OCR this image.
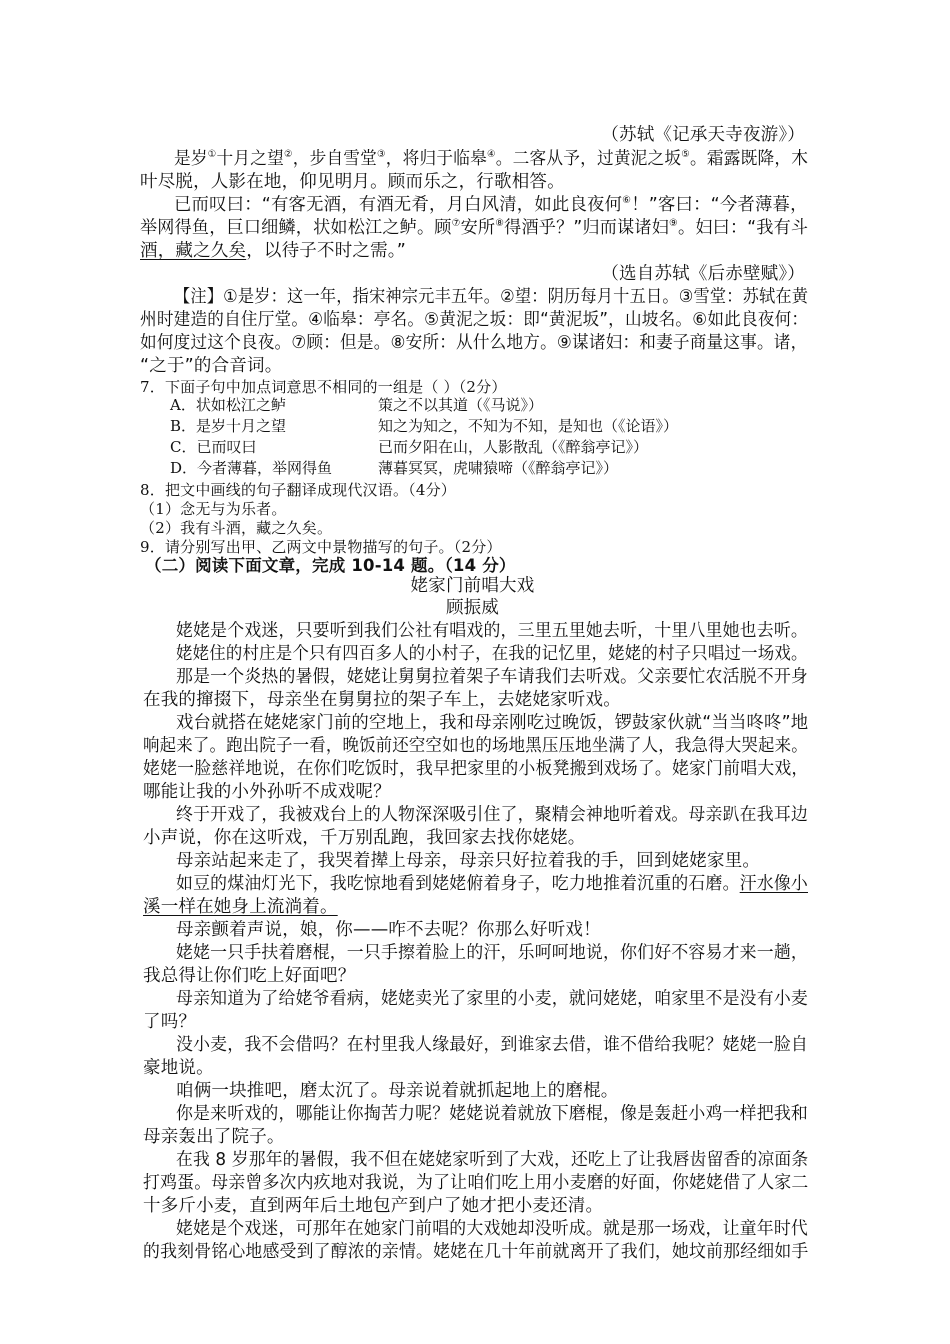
（苏轼《记承天寺夜游》）
是岁①十月之望②，步自雪堂③，将归于临皋④。二客从予，过黄泥之坂⑤。霜露既降，木
叶尽脱，人影在地，仰见明月。顾而乐之，行歌相答。
已而叹曰：“有客无酒，有酒无肴，月白风清，如此良夜何⑥！”客曰：“今者薄暮，
举网得鱼，巨口细鳞，状如松江之鲈。顾⑦安所⑧得酒乎？”归而谋诸妇⑨。妇曰：“我有斗
酒，藏之久矣，以待子不时之需。”
（选自苏轼《后赤壁赋》）
【注】①是岁：这一年，指宋神宗元丰五年。②望：阴历每月十五日。③雪堂：苏轼在黄
州时建造的自住厅堂。④临皋：亭名。⑤黄泥之坂：即“黄泥坂”，山坡名。⑥如此良夜何：
如何度过这个良夜。⑦顾：但是。⑧安所：从什么地方。⑨谋诸妇：和妻子商量这事。诸，
“之于”的合音词。
7．下面子句中加点词意思不相同的一组是（ ）（2分）
A．状如松江之鲈	策之不以其道（《马说》）
B．是岁十月之望	知之为知之，不知为不知，是知也（《论语》）
C．已而叹曰	已而夕阳在山，人影散乱（《醉翁亭记》）
D．今者薄暮，举网得鱼	薄暮冥冥，虎啸猿啼（《醉翁亭记》）
8．把文中画线的句子翻译成现代汉语。（4分）
（1）念无与为乐者。
（2）我有斗酒，藏之久矣。
9．请分别写出甲、乙两文中景物描写的句子。（2分）
（二）阅读下面文章，完成 10-14 题。（14 分）
姥家门前唱大戏
顾振威
姥姥是个戏迷，只要听到我们公社有唱戏的，三里五里她去听，十里八里她也去听。
姥姥住的村庄是个只有四百多人的小村子，在我的记忆里，姥姥的村子只唱过一场戏。
那是一个炎热的暑假，姥姥让舅舅拉着架子车请我们去听戏。父亲要忙农活脱不开身
在我的撺掇下，母亲坐在舅舅拉的架子车上，去姥姥家听戏。
戏台就搭在姥姥家门前的空地上，我和母亲刚吃过晚饭，锣鼓家伙就“当当咚咚”地
响起来了。跑出院子一看，晚饭前还空空如也的场地黑压压地坐满了人，我急得大哭起来。
姥姥一脸慈祥地说，在你们吃饭时，我早把家里的小板凳搬到戏场了。姥家门前唱大戏，
哪能让我的小外孙听不成戏呢？
终于开戏了，我被戏台上的人物深深吸引住了，聚精会神地听着戏。母亲趴在我耳边
小声说，你在这听戏，千万别乱跑，我回家去找你姥姥。
母亲站起来走了，我哭着撵上母亲，母亲只好拉着我的手，回到姥姥家里。
如豆的煤油灯光下，我吃惊地看到姥姥俯着身子，吃力地推着沉重的石磨。汗水像小
溪一样在她身上流淌着。
母亲颤着声说，娘，你——咋不去呢？你那么好听戏！
姥姥一只手扶着磨棍，一只手擦着脸上的汗，乐呵呵地说，你们好不容易才来一趟，
我总得让你们吃上好面吧？
母亲知道为了给姥爷看病，姥姥卖光了家里的小麦，就问姥姥，咱家里不是没有小麦
了吗？
没小麦，我不会借吗？在村里我人缘最好，到谁家去借，谁不借给我呢？姥姥一脸自
豪地说。
咱俩一块推吧，磨太沉了。母亲说着就抓起地上的磨棍。
你是来听戏的，哪能让你掏苦力呢？姥姥说着就放下磨棍，像是轰赶小鸡一样把我和
母亲轰出了院子。
在我 8 岁那年的暑假，我不但在姥姥家听到了大戏，还吃上了让我唇齿留香的凉面条
打鸡蛋。母亲曾多次内疚地对我说，为了让咱们吃上用小麦磨的好面，你姥姥借了人家二
十多斤小麦，直到两年后土地包产到户了她才把小麦还清。
姥姥是个戏迷，可那年在她家门前唱的大戏她却没听成。就是那一场戏，让童年时代
的我刻骨铭心地感受到了醇浓的亲情。姥姥在几十年前就离开了我们，她坟前那经细如手
